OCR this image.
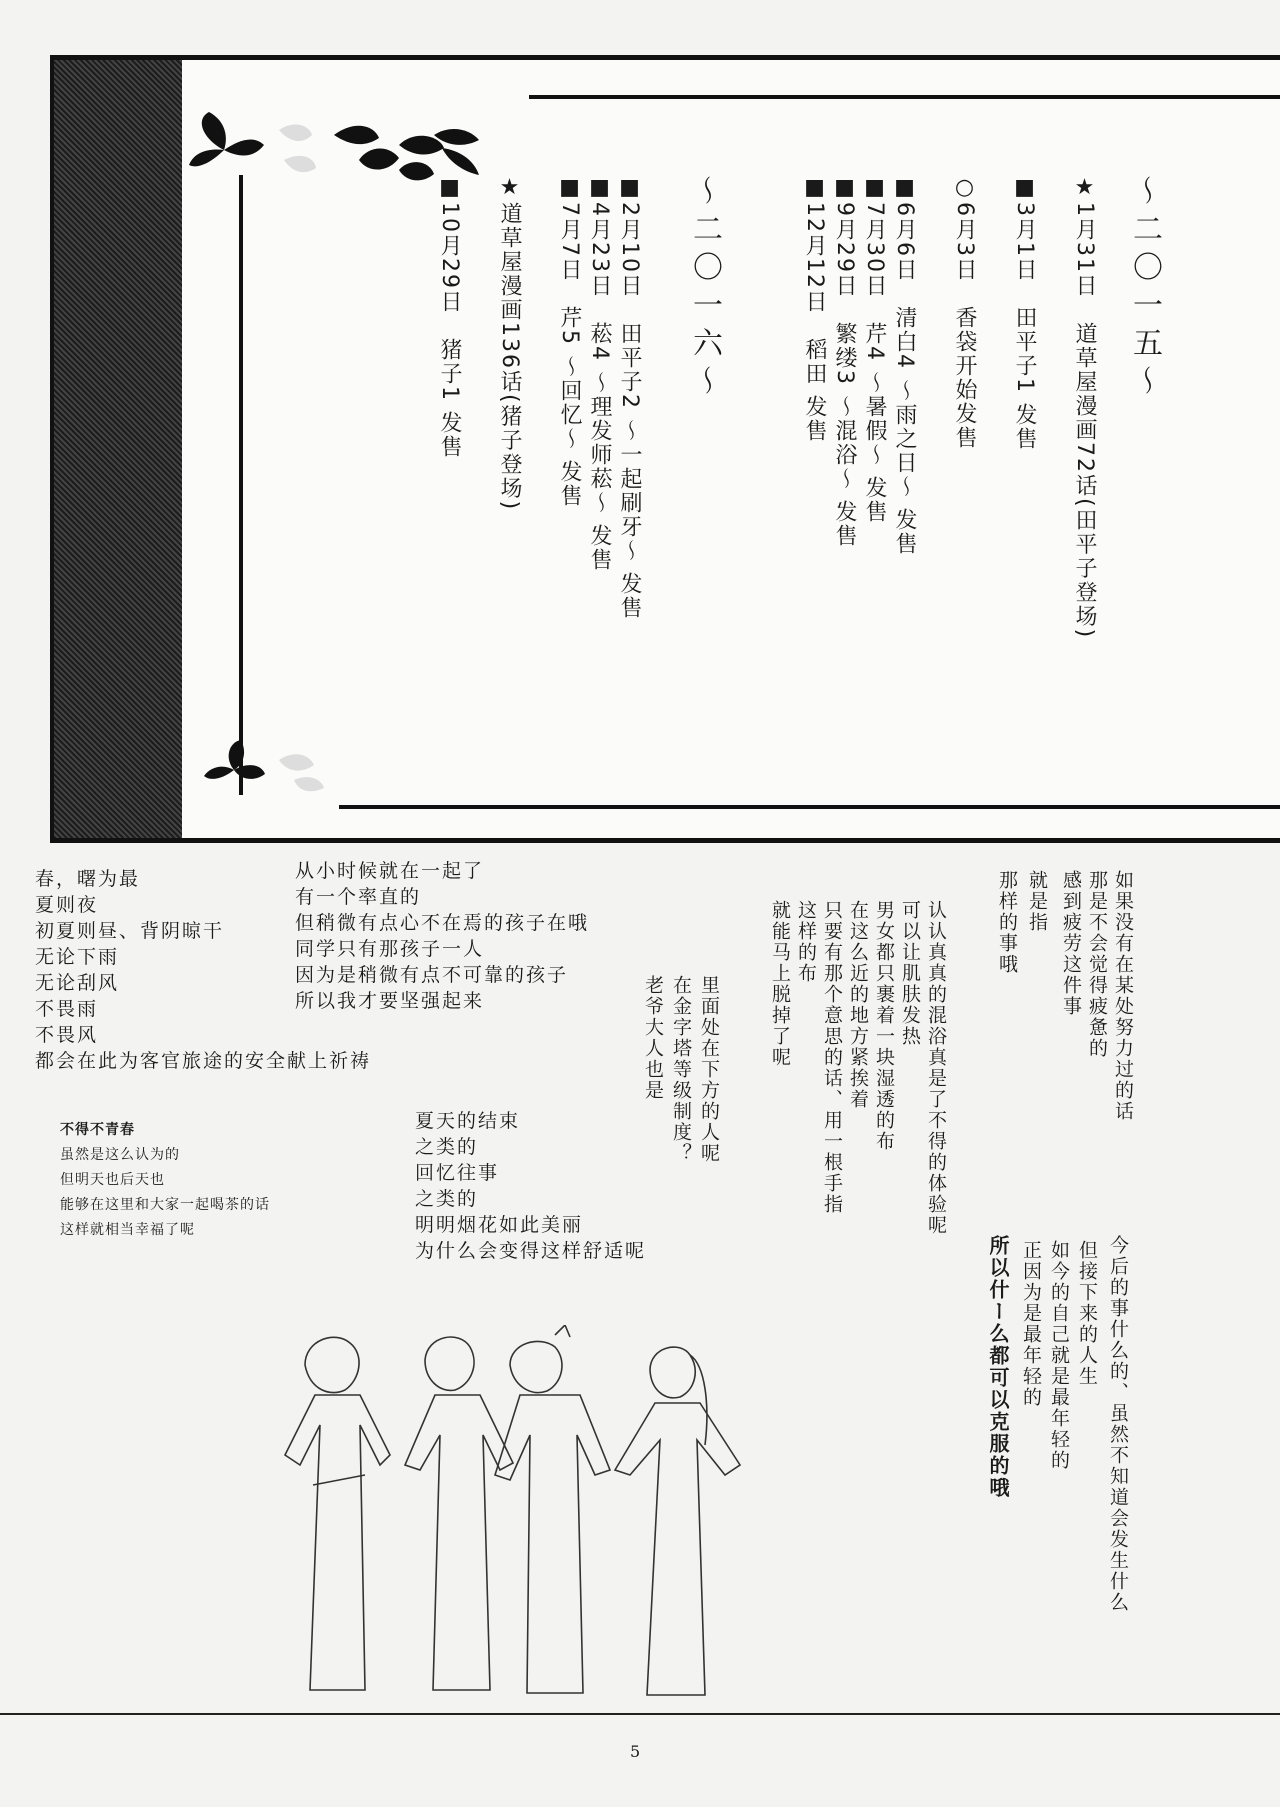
～二〇一五～
★1月31日　道草屋漫画72话(田平子登场)
■3月1日　田平子1 发售
○6月3日　香袋开始发售
■6月6日　清白4 ～雨之日～ 发售
■7月30日　芹4 ～暑假～ 发售
■9月29日　繁缕3 ～混浴～ 发售
■12月12日　稻田 发售
～二〇一六～
■2月10日　田平子2 ～一起刷牙～ 发售
■4月23日　菘4 ～理发师菘～ 发售
■7月7日　芹5 ～回忆～ 发售
★道草屋漫画136话(猪子登场)
■10月29日　猪子1 发售
春，曙为最
夏则夜
初夏则昼、背阴晾干
无论下雨
无论刮风
不畏雨
不畏风
都会在此为客官旅途的安全献上祈祷
从小时候就在一起了
有一个率直的
但稍微有点心不在焉的孩子在哦
同学只有那孩子一人
因为是稍微有点不可靠的孩子
所以我才要坚强起来
不得不青春
虽然是这么认为的
但明天也后天也
能够在这里和大家一起喝茶的话
这样就相当幸福了呢
夏天的结束
之类的
回忆往事
之类的
明明烟花如此美丽
为什么会变得这样舒适呢
老爷大人也是 在金字塔等级制度？ 里面处在下方的人呢	认认真真的混浴真是了不得的体验呢
可以让肌肤发热
男女都只裹着一块湿透的布
在这么近的地方紧挨着
只要有那个意思的话、用一根手指
这样的布
就能马上脱掉了呢	如果没有在某处努力过的话
那是不会觉得疲惫的
感到疲劳这件事
就是指
那样的事哦
今后的事什么的、虽然不知道会发生什么
但接下来的人生
如今的自己就是最年轻的
正因为是最年轻的
所以什ー么都可以克服的哦
5
